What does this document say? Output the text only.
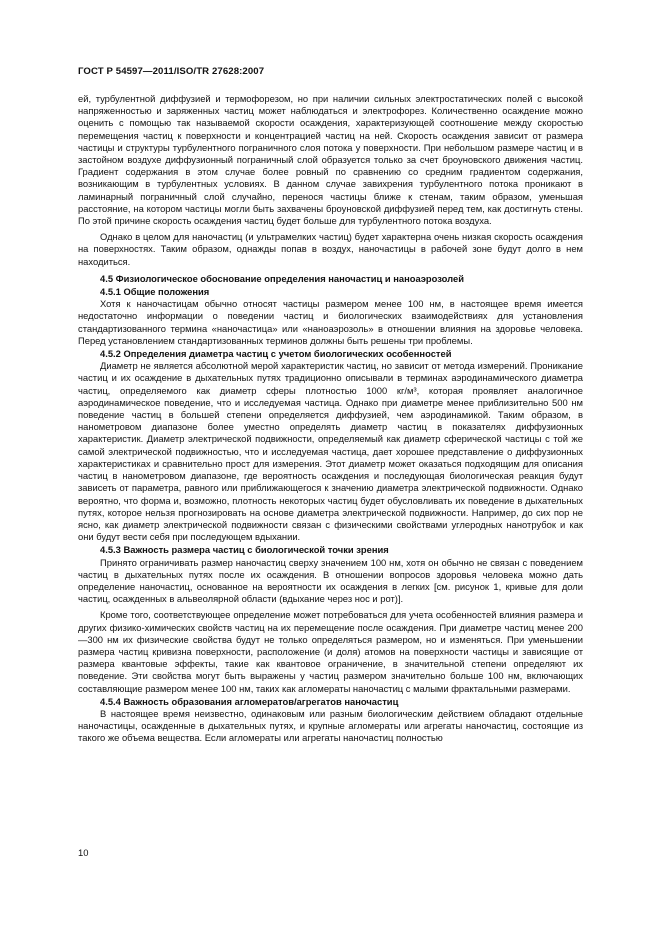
ГОСТ Р 54597—2011/ISO/TR 27628:2007

ей, турбулентной диффузией и термофорезом, но при наличии сильных электростатических полей с высокой напряженностью и заряженных частиц может наблюдаться и электрофорез. Количественно осаждение можно оценить с помощью так называемой скорости осаждения, характеризующей соотношение между скоростью перемещения частиц к поверхности и концентрацией частиц на ней. Скорость осаждения зависит от размера частицы и структуры турбулентного пограничного слоя потока у поверхности. При небольшом размере частиц и в застойном воздухе диффузионный пограничный слой образуется только за счет броуновского движения частиц. Градиент содержания в этом случае более ровный по сравнению со средним градиентом содержания, возникающим в турбулентных условиях. В данном случае завихрения турбулентного потока проникают в ламинарный пограничный слой случайно, перенося частицы ближе к стенам, таким образом, уменьшая расстояние, на котором частицы могли быть захвачены броуновской диффузией перед тем, как достигнуть стены. По этой причине скорость осаждения частиц будет больше для турбулентного потока воздуха.

Однако в целом для наночастиц (и ультрамелких частиц) будет характерна очень низкая скорость осаждения на поверхностях. Таким образом, однажды попав в воздух, наночастицы в рабочей зоне будут долго в нем находиться.

4.5 Физиологическое обоснование определения наночастиц и наноаэрозолей
4.5.1 Общие положения

Хотя к наночастицам обычно относят частицы размером менее 100 нм, в настоящее время имеется недостаточно информации о поведении частиц и биологических взаимодействиях для установления стандартизованного термина «наночастица» или «наноаэрозоль» в отношении влияния на здоровье человека. Перед установлением стандартизованных терминов должны быть решены три проблемы.

4.5.2 Определения диаметра частиц с учетом биологических особенностей

Диаметр не является абсолютной мерой характеристик частиц, но зависит от метода измерений. Проникание частиц и их осаждение в дыхательных путях традиционно описывали в терминах аэродинамического диаметра частиц, определяемого как диаметр сферы плотностью 1000 кг/м³, которая проявляет аналогичное аэродинамическое поведение, что и исследуемая частица. Однако при диаметре менее приблизительно 500 нм поведение частиц в большей степени определяется диффузией, чем аэродинамикой. Таким образом, в нанометровом диапазоне более уместно определять диаметр частиц в показателях диффузионных характеристик. Диаметр электрической подвижности, определяемый как диаметр сферической частицы с той же самой электрической подвижностью, что и исследуемая частица, дает хорошее представление о диффузионных характеристиках и сравнительно прост для измерения. Этот диаметр может оказаться подходящим для описания частиц в нанометровом диапазоне, где вероятность осаждения и последующая биологическая реакция будут зависеть от параметра, равного или приближающегося к значению диаметра электрической подвижности. Однако вероятно, что форма и, возможно, плотность некоторых частиц будет обусловливать их поведение в дыхательных путях, которое нельзя прогнозировать на основе диаметра электрической подвижности. Например, до сих пор не ясно, как диаметр электрической подвижности связан с физическими свойствами углеродных нанотрубок и как они будут вести себя при последующем вдыхании.

4.5.3 Важность размера частиц с биологической точки зрения

Принято ограничивать размер наночастиц сверху значением 100 нм, хотя он обычно не связан с поведением частиц в дыхательных путях после их осаждения. В отношении вопросов здоровья человека можно дать определение наночастиц, основанное на вероятности их осаждения в легких [см. рисунок 1, кривые для доли частиц, осажденных в альвеолярной области (вдыхание через нос и рот)].

Кроме того, соответствующее определение может потребоваться для учета особенностей влияния размера и других физико-химических свойств частиц на их перемещение после осаждения. При диаметре частиц менее 200—300 нм их физические свойства будут не только определяться размером, но и изменяться. При уменьшении размера частиц кривизна поверхности, расположение (и доля) атомов на поверхности частицы и зависящие от размера квантовые эффекты, такие как квантовое ограничение, в значительной степени определяют их поведение. Эти свойства могут быть выражены у частиц размером значительно больше 100 нм, включающих составляющие размером менее 100 нм, таких как агломераты наночастиц с малыми фрактальными размерами.

4.5.4 Важность образования агломератов/агрегатов наночастиц

В настоящее время неизвестно, одинаковым или разным биологическим действием обладают отдельные наночастицы, осажденные в дыхательных путях, и крупные агломераты или агрегаты наночастиц, состоящие из такого же объема вещества. Если агломераты или агрегаты наночастиц полностью

10
